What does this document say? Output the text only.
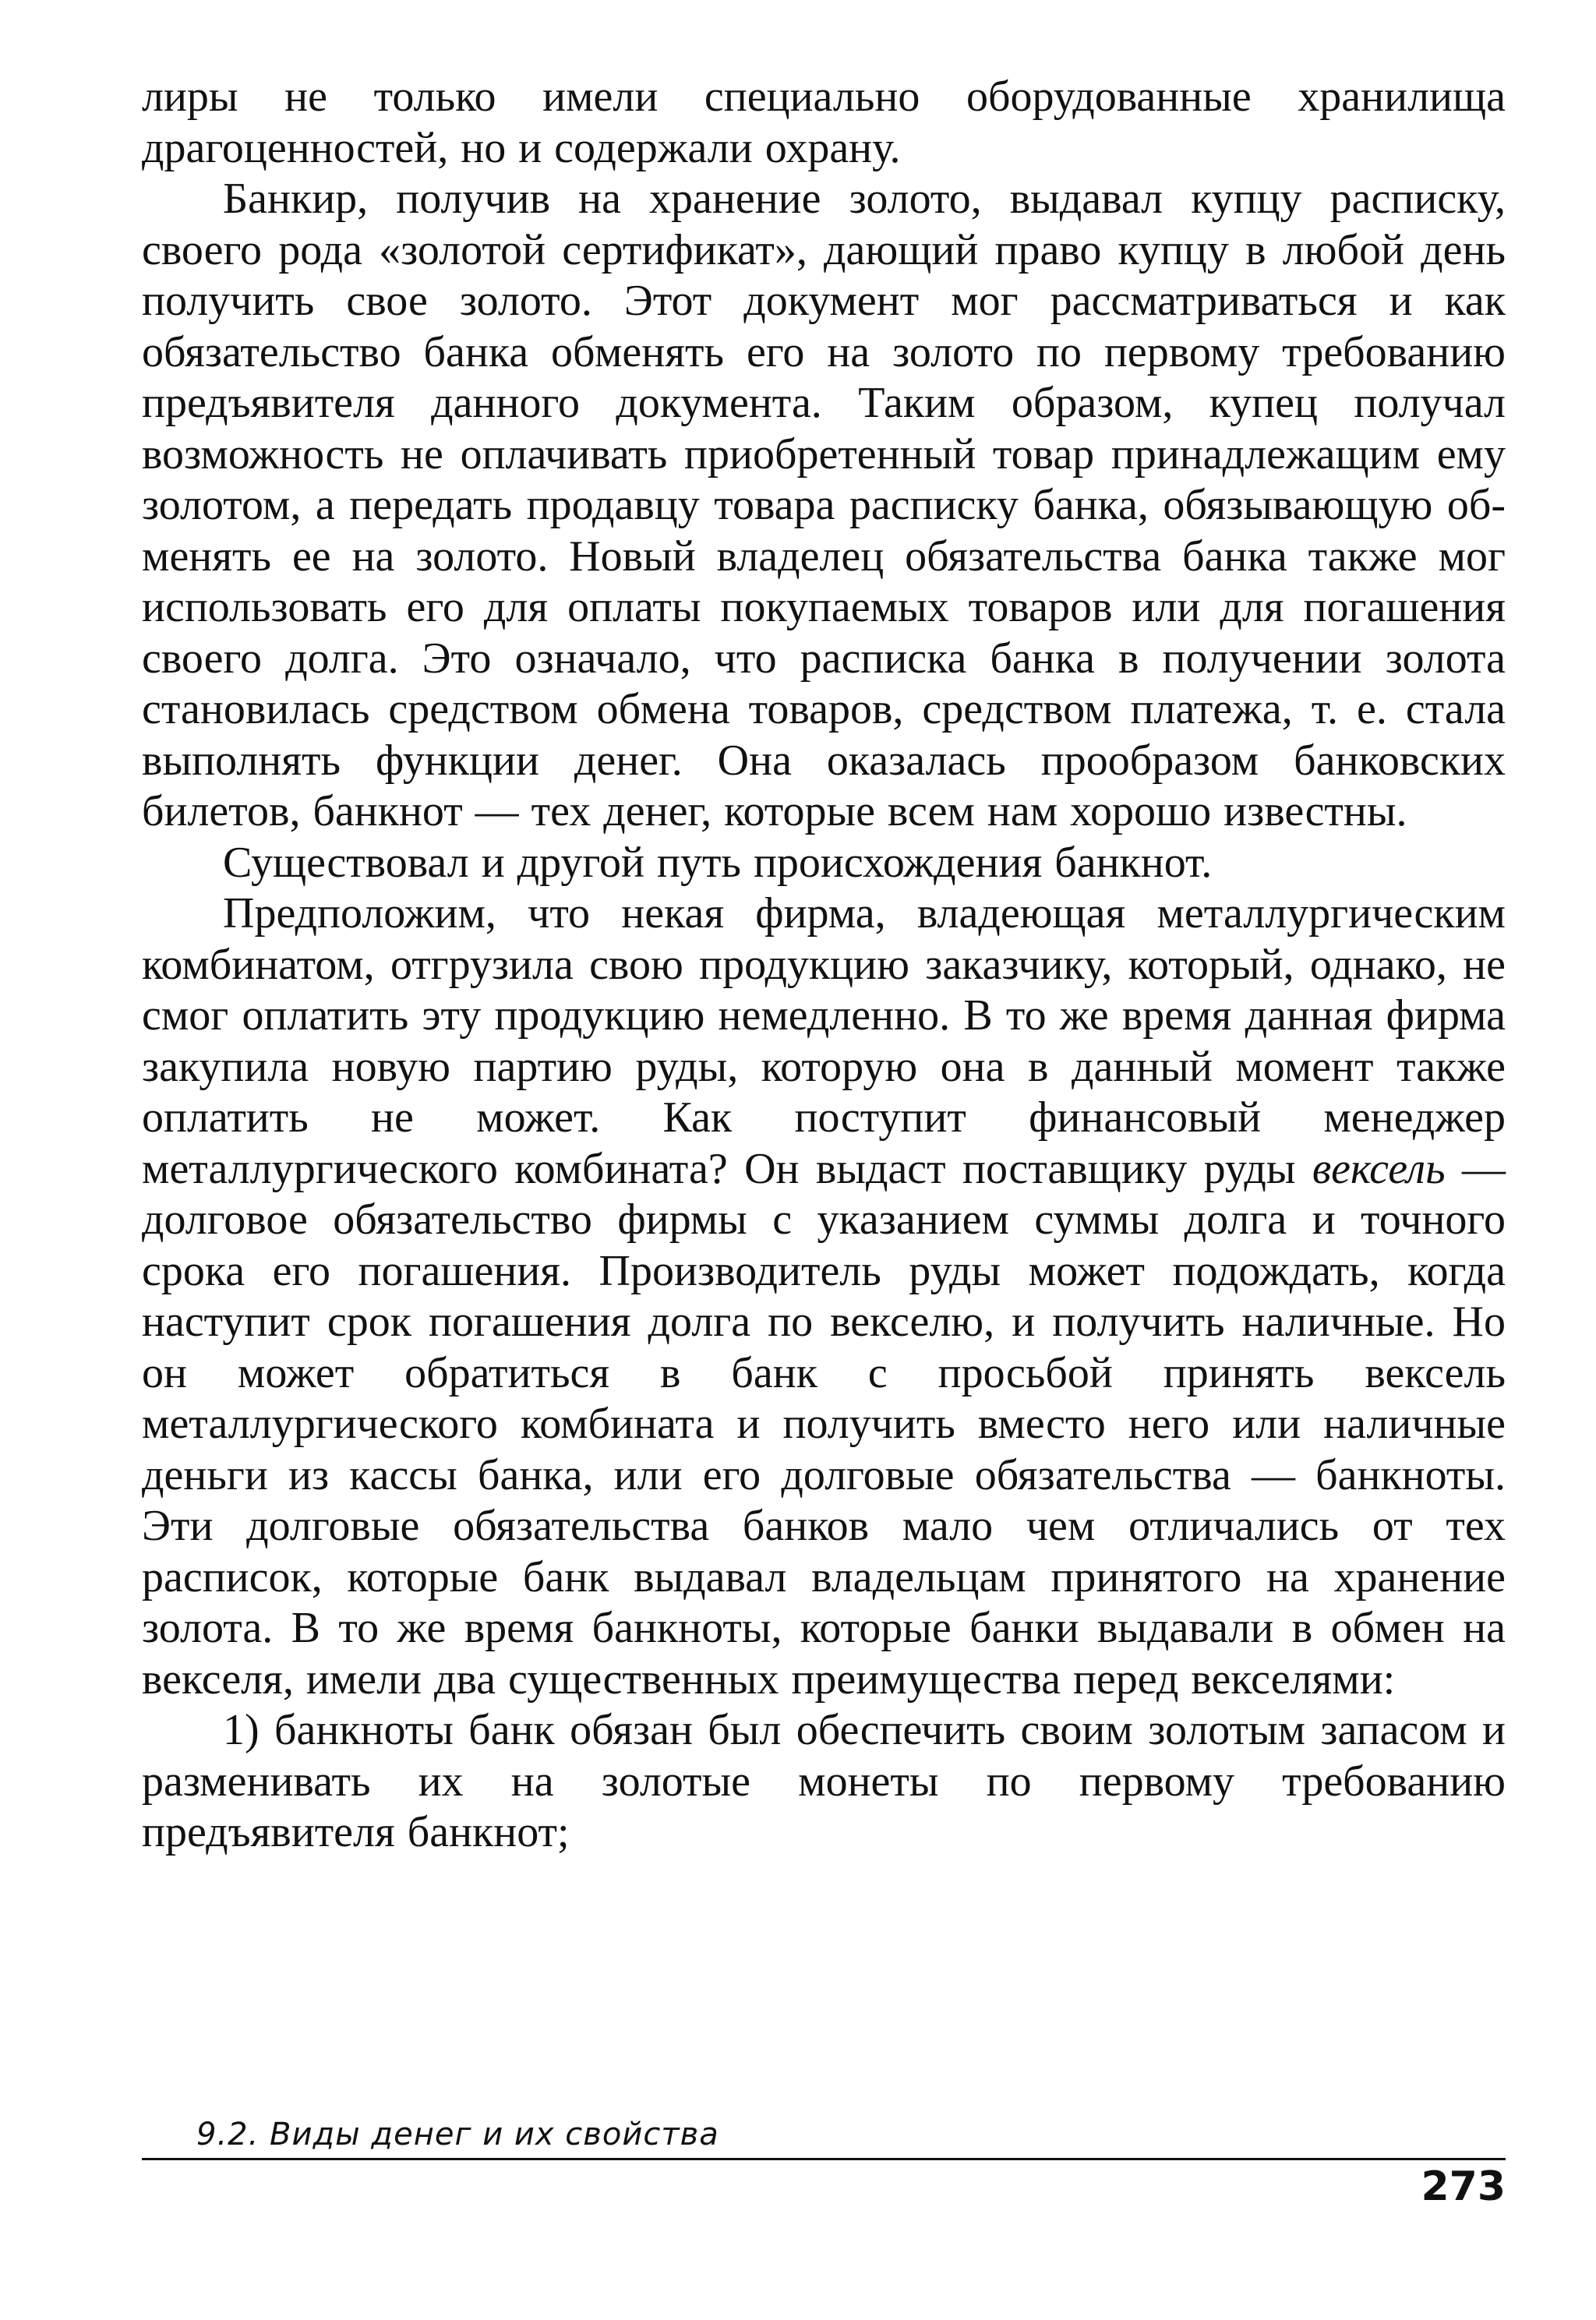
лиры не только имели специально оборудованные хранилища драгоценностей, но и содержали охрану.

Банкир, получив на хранение золото, выдавал купцу расписку, своего рода «золотой сертификат», дающий право купцу в любой день получить свое золото. Этот документ мог рассматриваться и как обязательство банка обменять его на золото по первому требованию предъявителя данного документа. Таким образом, купец получал возможность не оплачивать приобретенный товар принадлежащим ему золотом, а передать продавцу товара расписку банка, обязывающую обменять ее на золото. Новый владелец обязательства банка также мог использовать его для оплаты покупаемых товаров или для погашения своего долга. Это означало, что расписка банка в получении золота становилась средством обмена товаров, средством платежа, т. е. стала выполнять функции денег. Она оказалась прообразом банковских билетов, банкнот — тех денег, которые всем нам хорошо известны.

Существовал и другой путь происхождения банкнот.

Предположим, что некая фирма, владеющая металлургическим комбинатом, отгрузила свою продукцию заказчику, который, однако, не смог оплатить эту продукцию немедленно. В то же время данная фирма закупила новую партию руды, которую она в данный момент также оплатить не может. Как поступит финансовый менеджер металлургического комбината? Он выдаст поставщику руды вексель — долговое обязательство фирмы с указанием суммы долга и точного срока его погашения. Производитель руды может подождать, когда наступит срок погашения долга по векселю, и получить наличные. Но он может обратиться в банк с просьбой принять вексель металлургического комбината и получить вместо него или наличные деньги из кассы банка, или его долговые обязательства — банкноты. Эти долговые обязательства банков мало чем отличались от тех расписок, которые банк выдавал владельцам принятого на хранение золота. В то же время банкноты, которые банки выдавали в обмен на векселя, имели два существенных преимущества перед векселями:

1) банкноты банк обязан был обеспечить своим золотым запасом и разменивать их на золотые монеты по первому требованию предъявителя банкнот;

9.2. Виды денег и их свойства
273
